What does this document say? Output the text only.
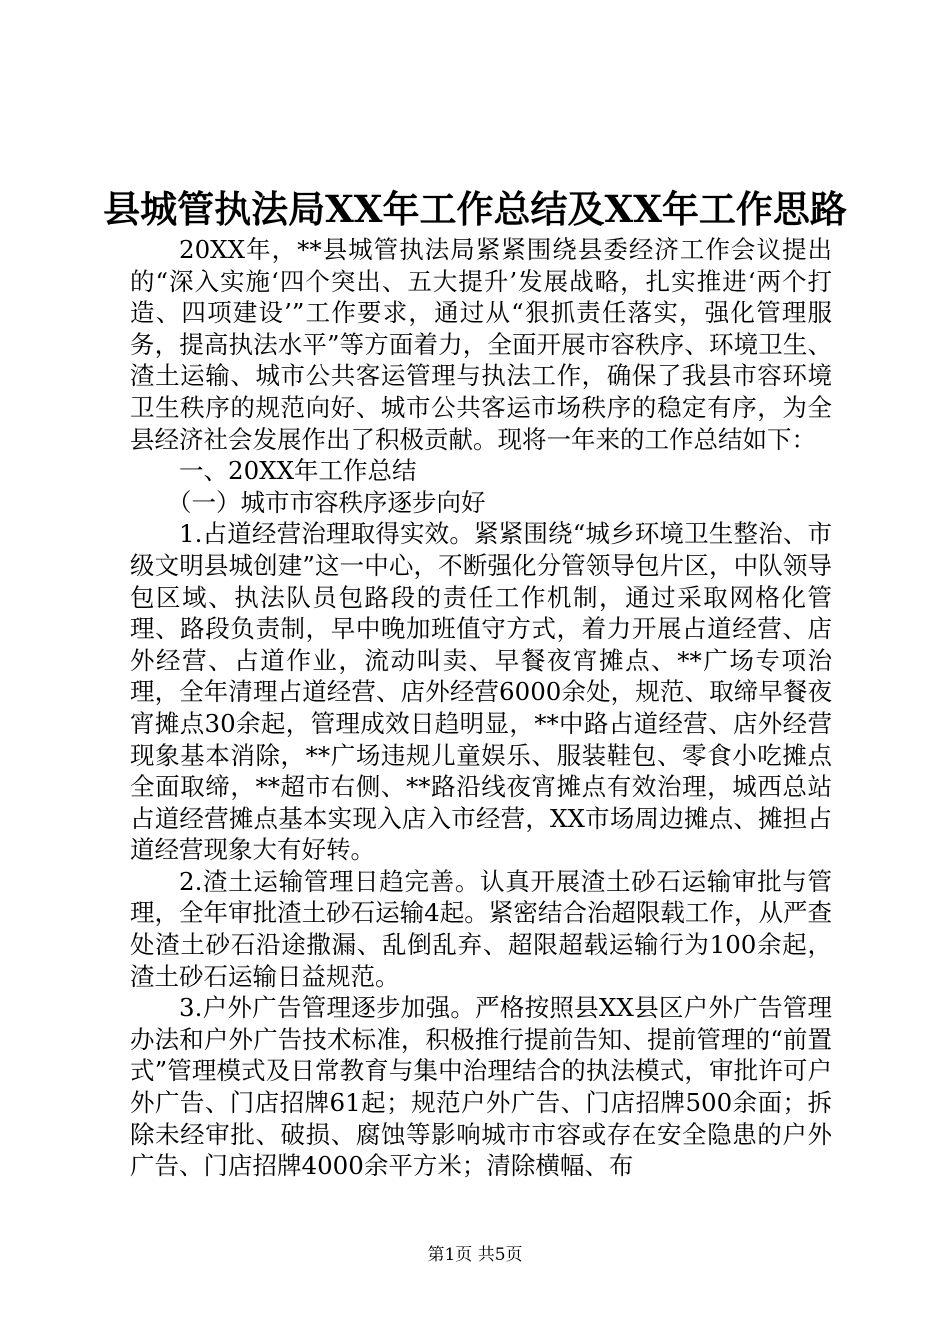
县城管执法局XX年工作总结及XX年工作思路

20XX年，**县城管执法局紧紧围绕县委经济工作会议提出的“深入实施‘四个突出、五大提升’发展战略，扎实推进‘两个打造、四项建设’”工作要求，通过从“狠抓责任落实，强化管理服务，提高执法水平”等方面着力，全面开展市容秩序、环境卫生、渣土运输、城市公共客运管理与执法工作，确保了我县市容环境卫生秩序的规范向好、城市公共客运市场秩序的稳定有序，为全县经济社会发展作出了积极贡献。现将一年来的工作总结如下：

一、20XX年工作总结

（一）城市市容秩序逐步向好

1.占道经营治理取得实效。紧紧围绕“城乡环境卫生整治、市级文明县城创建”这一中心，不断强化分管领导包片区，中队领导包区域、执法队员包路段的责任工作机制，通过采取网格化管理、路段负责制，早中晚加班值守方式，着力开展占道经营、店外经营、占道作业，流动叫卖、早餐夜宵摊点、**广场专项治理，全年清理占道经营、店外经营6000余处，规范、取缔早餐夜宵摊点30余起，管理成效日趋明显，**中路占道经营、店外经营现象基本消除，**广场违规儿童娱乐、服装鞋包、零食小吃摊点全面取缔，**超市右侧、**路沿线夜宵摊点有效治理，城西总站占道经营摊点基本实现入店入市经营，XX市场周边摊点、摊担占道经营现象大有好转。

2.渣土运输管理日趋完善。认真开展渣土砂石运输审批与管理，全年审批渣土砂石运输4起。紧密结合治超限载工作，从严查处渣土砂石沿途撒漏、乱倒乱弃、超限超载运输行为100余起，渣土砂石运输日益规范。

3.户外广告管理逐步加强。严格按照县XX县区户外广告管理办法和户外广告技术标准，积极推行提前告知、提前管理的“前置式”管理模式及日常教育与集中治理结合的执法模式，审批许可户外广告、门店招牌61起；规范户外广告、门店招牌500余面；拆除未经审批、破损、腐蚀等影响城市市容或存在安全隐患的户外广告、门店招牌4000余平方米；清除横幅、布

第1页 共5页
